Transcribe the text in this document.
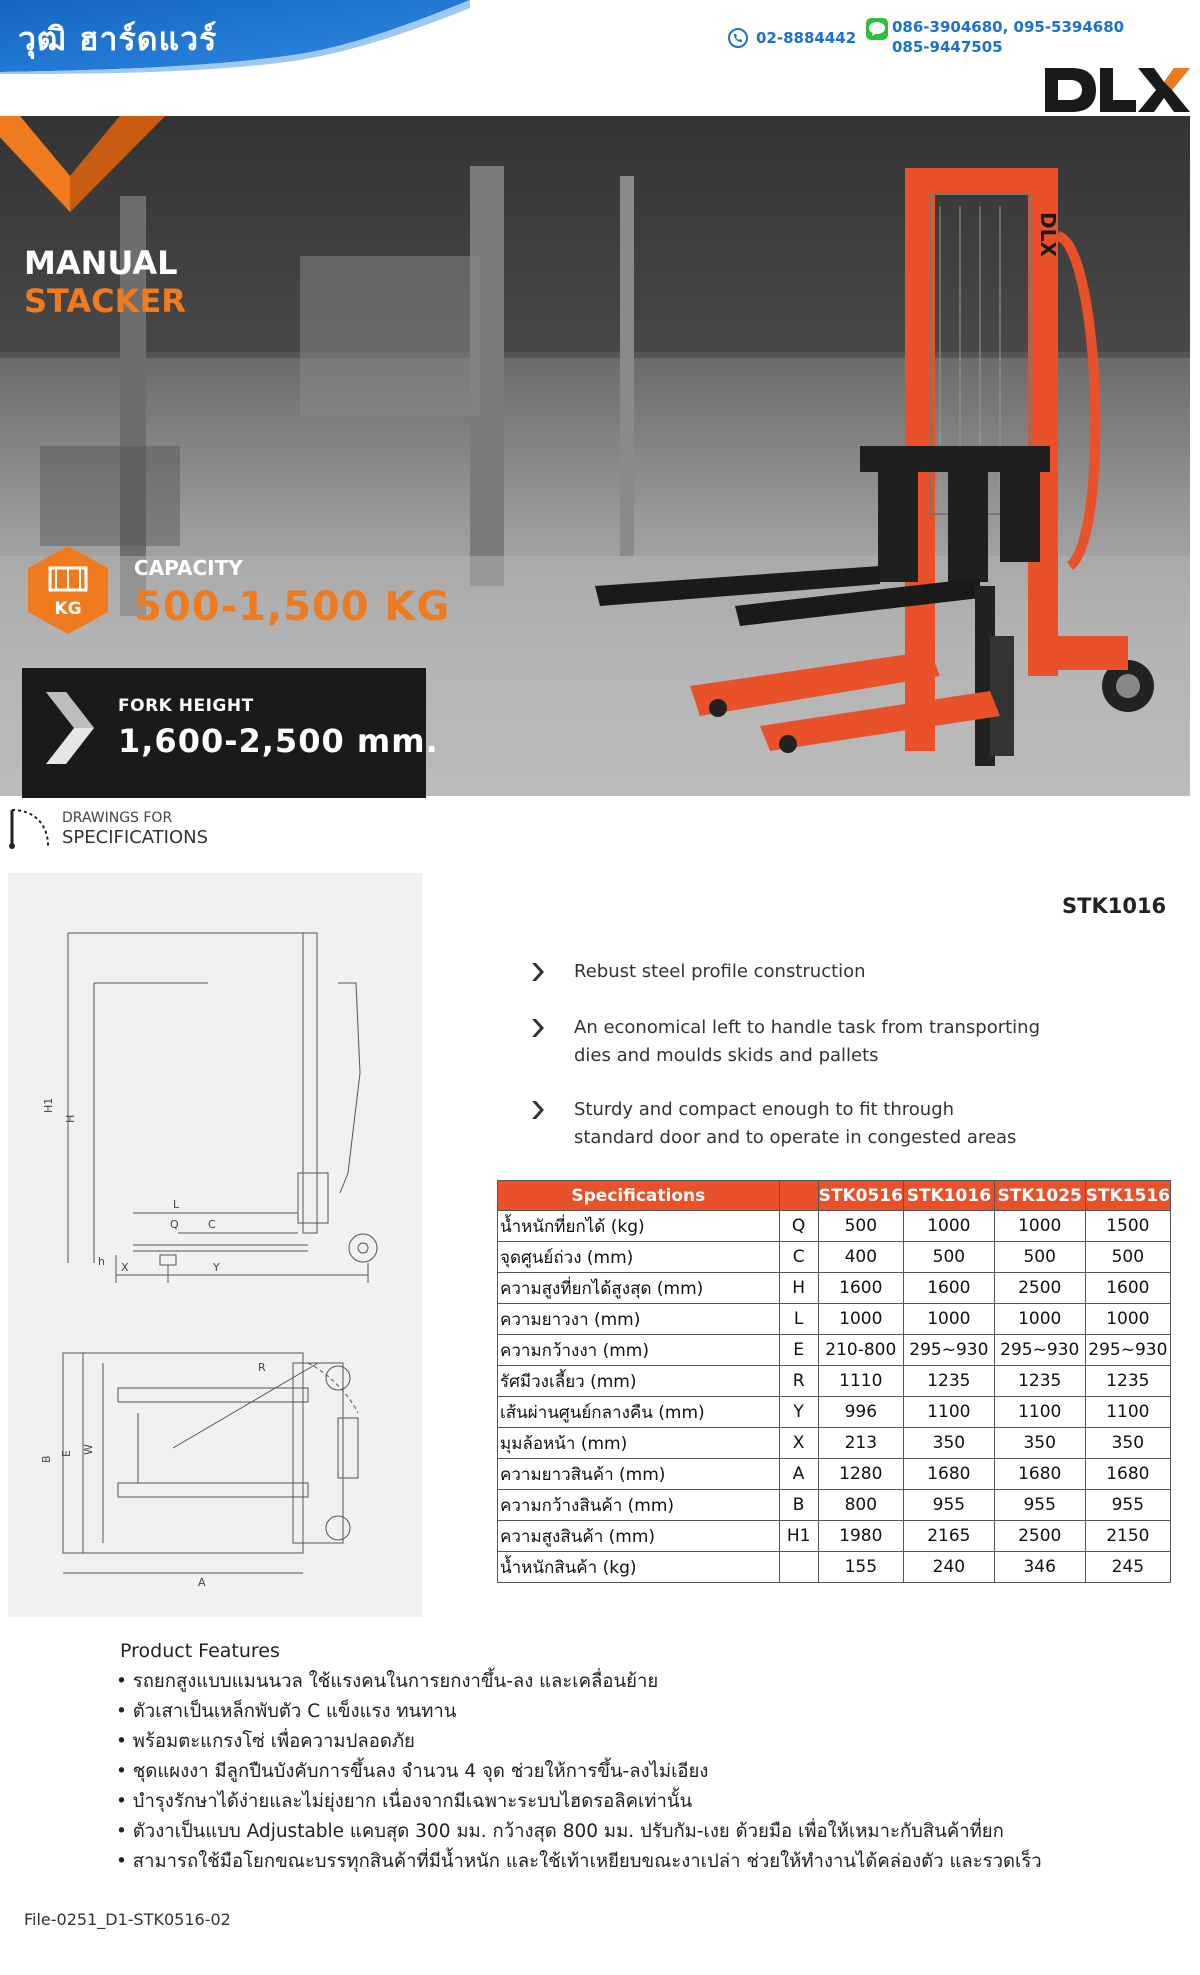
วุฒิ ฮาร์ดแวร์	02-8884442
086-3904680, 095-5394680
085-9447505
DLX
MANUAL
STACKER
KG
CAPACITY
500-1,500 KG
FORK HEIGHT
1,600-2,500 mm.
STK1016
DRAWINGS FOR
SPECIFICATIONS
H1
H
L
C
Q
h X	Y
R
B
E W
A
Rebust steel profile construction
An economical left to handle task from transporting
dies and moulds skids and pallets
Sturdy and compact enough to fit through
standard door and to operate in congested areas
Specifications		STK0516	STK1016	STK1025	STK1516
น้ำหนักที่ยกได้ (kg)	Q	500	1000	1000	1500
จุดศูนย์ถ่วง (mm)	C	400	500	500	500
ความสูงที่ยกได้สูงสุด (mm)	H	1600	1600	2500	1600
ความยาวงา (mm)	L	1000	1000	1000	1000
ความกว้างงา (mm)	E	210-800	295~930	295~930	295~930
รัศมีวงเลี้ยว (mm)	R	1110	1235	1235	1235
เส้นผ่านศูนย์กลางคืน (mm)	Y	996	1100	1100	1100
มุมล้อหน้า (mm)	X	213	350	350	350
ความยาวสินค้า (mm)	A	1280	1680	1680	1680
ความกว้างสินค้า (mm)	B	800	955	955	955
ความสูงสินค้า (mm)	H1	1980	2165	2500	2150
น้ำหนักสินค้า (kg)		155	240	346	245
Product Features
• รถยกสูงแบบแมนนวล ใช้แรงคนในการยกงาขึ้น-ลง และเคลื่อนย้าย
• ตัวเสาเป็นเหล็กพับตัว C แข็งแรง ทนทาน
• พร้อมตะแกรงโซ่ เพื่อความปลอดภัย
• ชุดแผงงา มีลูกปืนบังคับการขึ้นลง จำนวน 4 จุด ช่วยให้การขึ้น-ลงไม่เอียง
• บำรุงรักษาได้ง่ายและไม่ยุ่งยาก เนื่องจากมีเฉพาะระบบไฮดรอลิคเท่านั้น
• ตัวงาเป็นแบบ Adjustable แคบสุด 300 มม. กว้างสุด 800 มม. ปรับกัม-เงย ด้วยมือ เพื่อให้เหมาะกับสินค้าที่ยก
• สามารถใช้มือโยกขณะบรรทุกสินค้าที่มีน้ำหนัก และใช้เท้าเหยียบขณะงาเปล่า ช่วยให้ทำงานได้คล่องตัว และรวดเร็ว
File-0251_D1-STK0516-02
